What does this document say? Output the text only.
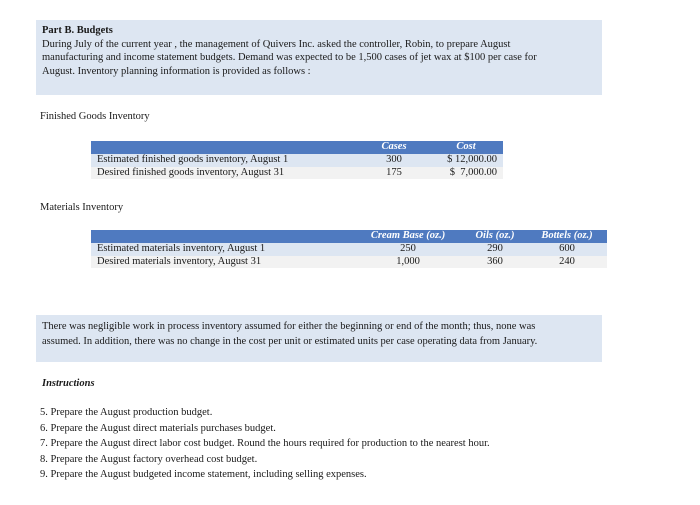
Part B. Budgets
During July of the current year , the management of Quivers Inc. asked the controller, Robin, to prepare August
manufacturing and income statement budgets. Demand was expected to be 1,500 cases of jet wax at $100 per case for
August. Inventory planning information is provided as follows :
Finished Goods Inventory
	Cases	Cost
Estimated finished goods inventory, August 1	300	$ 12,000.00
Desired finished goods inventory, August 31	175	$  7,000.00
Materials Inventory
	Cream Base (oz.)	Oils (oz.)	Bottels (oz.)
Estimated materials inventory, August 1	250	290	600
Desired materials inventory, August 31	1,000	360	240
There was negligible work in process inventory assumed for either the beginning or end of the month; thus, none was
assumed. In addition, there was no change in the cost per unit or estimated units per case operating data from January.
Instructions
5. Prepare the August production budget.
6. Prepare the August direct materials purchases budget.
7. Prepare the August direct labor cost budget. Round the hours required for production to the nearest hour.
8. Prepare the August factory overhead cost budget.
9. Prepare the August budgeted income statement, including selling expenses.
